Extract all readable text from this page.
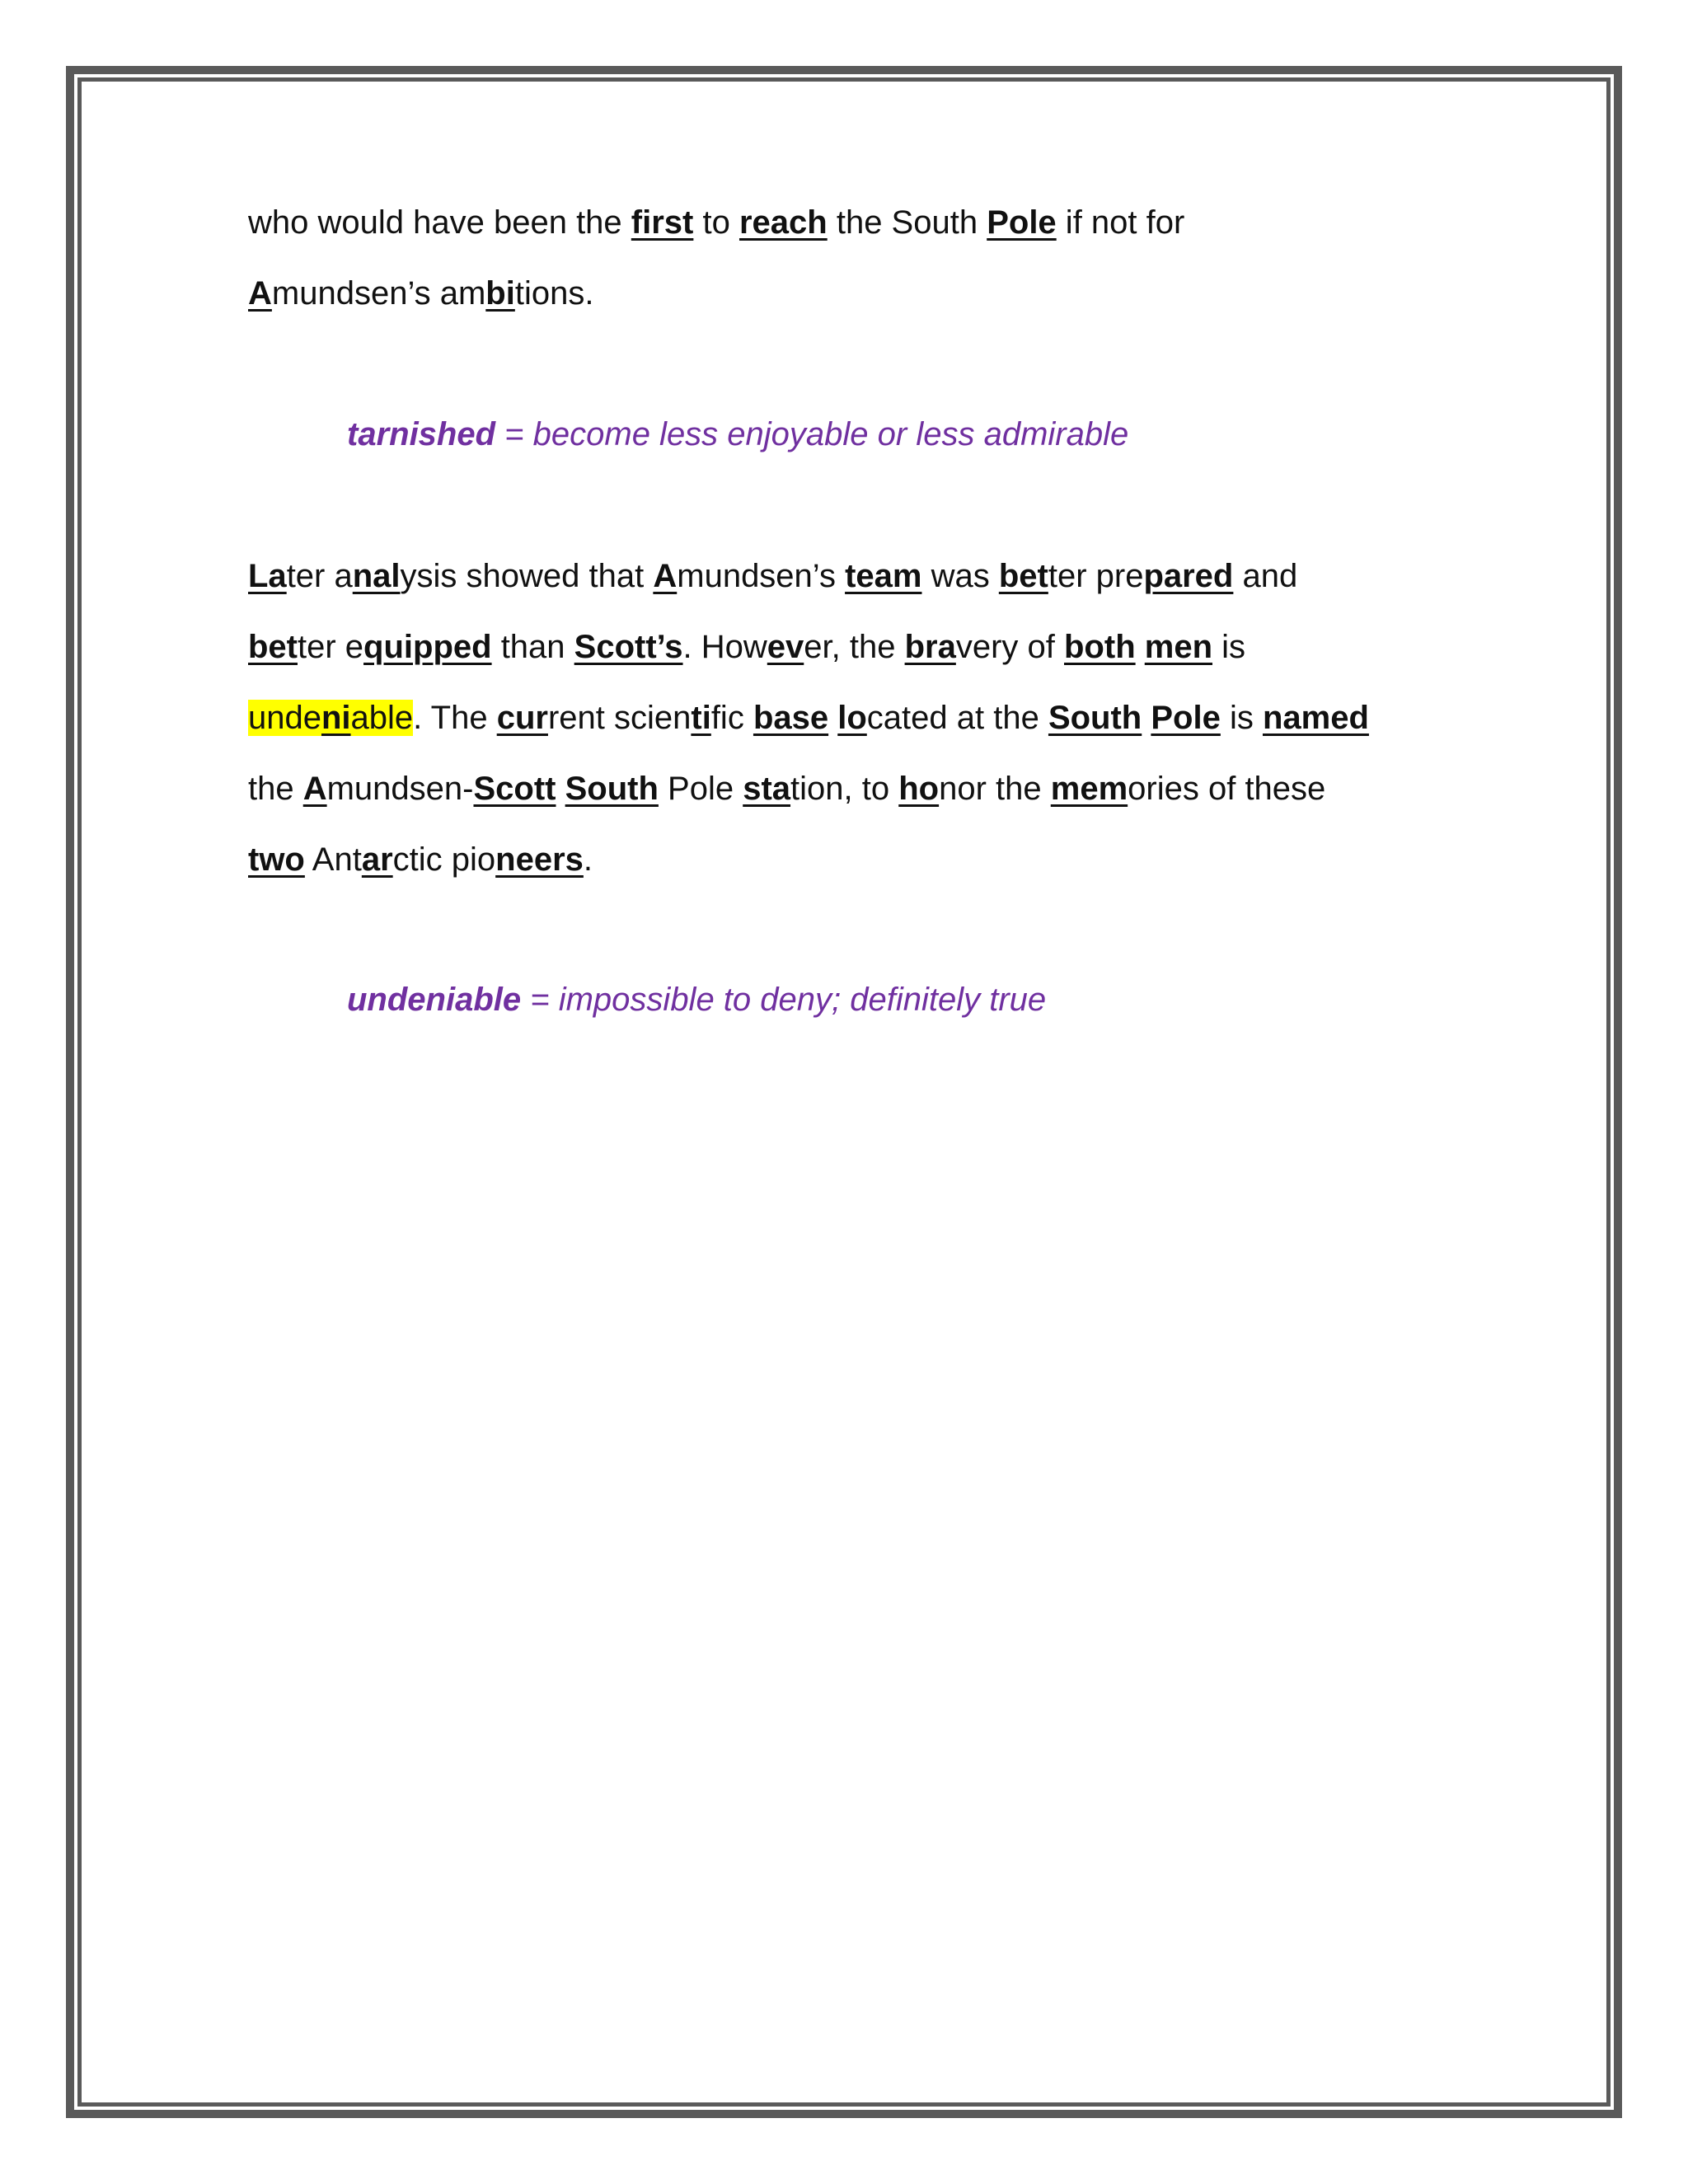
who would have been the first to reach the South Pole if not for
Amundsen’s ambitions.
tarnished = become less enjoyable or less admirable
Later analysis showed that Amundsen’s team was better prepared and
better equipped than Scott’s. However, the bravery of both men is
undeniable. The current scientific base located at the South Pole is named
the Amundsen-Scott South Pole station, to honor the memories of these
two Antarctic pioneers.
undeniable = impossible to deny; definitely true
